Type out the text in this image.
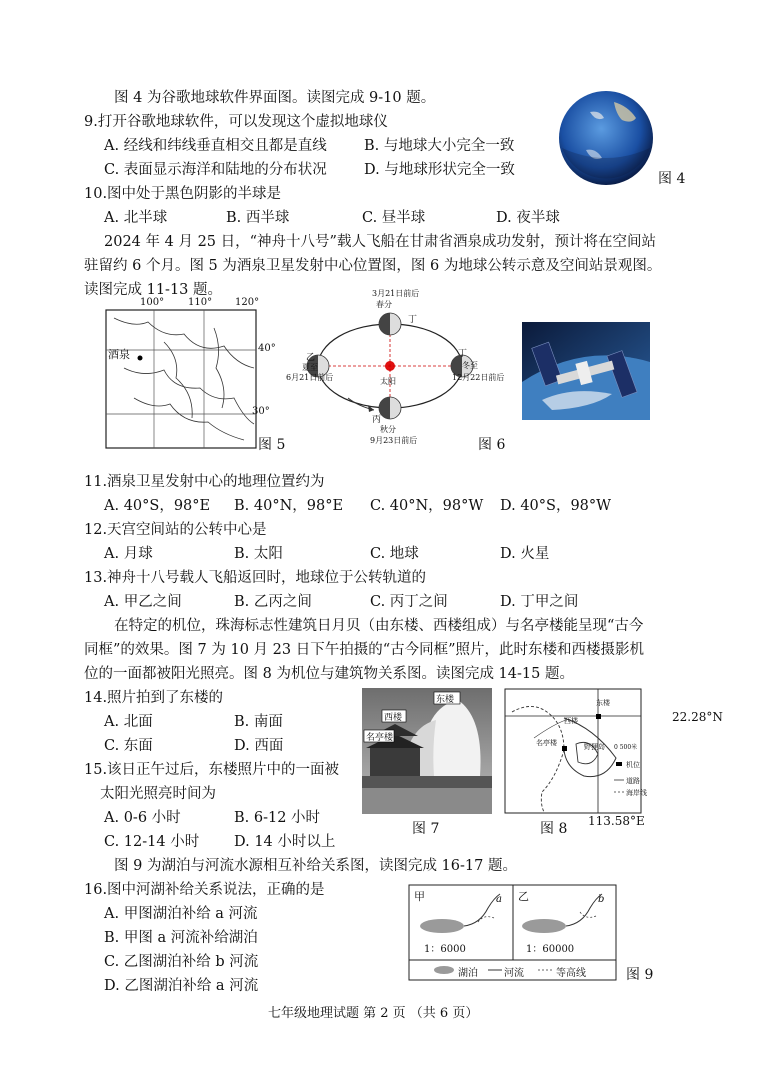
图 4 为谷歌地球软件界面图。读图完成 9-10 题。
9.打开谷歌地球软件，可以发现这个虚拟地球仪
A. 经线和纬线垂直相交且都是直线	B. 与地球大小完全一致
C. 表面显示海洋和陆地的分布状况	D. 与地球形状完全一致
图 4
10.图中处于黑色阴影的半球是
A. 北半球	B. 西半球	C. 昼半球	D. 夜半球
2024 年 4 月 25 日，“神舟十八号”载人飞船在甘肃省酒泉成功发射，预计将在空间站
驻留约 6 个月。图 5 为酒泉卫星发射中心位置图，图 6 为地球公转示意及空间站景观图。
读图完成 11-13 题。
100° 110° 120°
40°
30°
酒泉
图 5
3月21日前后
春分
丁
乙
夏至
6月21日前后
丁
冬至
12月22日前后
太阳
丙
秋分
9月23日前后	图 6
11.酒泉卫星发射中心的地理位置约为
A. 40°S，98°E B. 40°N，98°E C. 40°N，98°W D. 40°S，98°W
12.天宫空间站的公转中心是
A. 月球	B. 太阳	C. 地球	D. 火星
13.神舟十八号载人飞船返回时，地球位于公转轨道的
A. 甲乙之间	B. 乙丙之间	C. 丙丁之间	D. 丁甲之间
在特定的机位，珠海标志性建筑日月贝（由东楼、西楼组成）与名亭楼能呈现“古今
同框”的效果。图 7 为 10 月 23 日下午拍摄的“古今同框”照片，此时东楼和西楼摄影机
位的一面都被阳光照亮。图 8 为机位与建筑物关系图。读图完成 14-15 题。
14.照片拍到了东楼的
A. 北面	B. 南面
C. 东面	D. 西面
15.该日正午过后，东楼照片中的一面被
太阳光照亮时间为
A. 0-6 小时	B. 6-12 小时
C. 12-14 小时 D. 14 小时以上
东楼
西楼
名亭楼
图 7
22.28°N
113.58°E
东楼
西楼
名亭楼	野狸岛 0 500米
机位
道路
海岸线
图 8
图 9 为湖泊与河流水源相互补给关系图，读图完成 16-17 题。
16.图中河湖补给关系说法，正确的是
A. 甲图湖泊补给 a 河流
B. 甲图 a 河流补给湖泊
C. 乙图湖泊补给 b 河流
D. 乙图湖泊补给 a 河流
甲	乙
a	b
1：6000	1：60000
湖泊	河流	等高线	图 9
七年级地理试题 第 2 页 （共 6 页）
